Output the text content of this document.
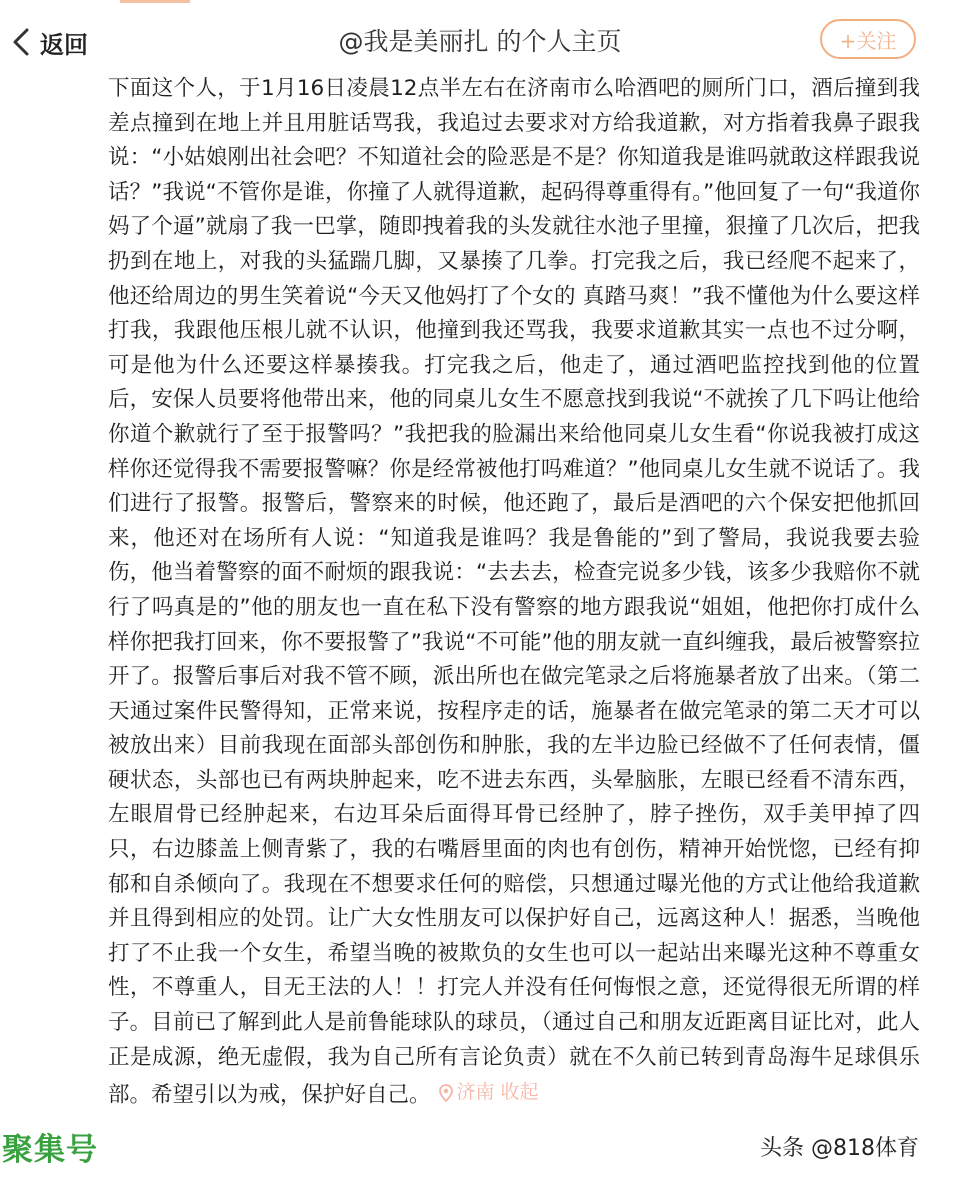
返回	@我是美丽扎 的个人主页	+关注
下面这个人，于1月16日凌晨12点半左右在济南市么哈酒吧的厕所门口，酒后撞到我差点撞到在地上并且用脏话骂我，我追过去要求对方给我道歉，对方指着我鼻子跟我说：“小姑娘刚出社会吧？不知道社会的险恶是不是？你知道我是谁吗就敢这样跟我说话？”我说“不管你是谁，你撞了人就得道歉，起码得尊重得有。”他回复了一句“我道你妈了个逼”就扇了我一巴掌，随即拽着我的头发就往水池子里撞，狠撞了几次后，把我扔到在地上，对我的头猛踹几脚，又暴揍了几拳。打完我之后，我已经爬不起来了，他还给周边的男生笑着说“今天又他妈打了个女的 真踏马爽！”我不懂他为什么要这样打我，我跟他压根儿就不认识，他撞到我还骂我，我要求道歉其实一点也不过分啊，可是他为什么还要这样暴揍我。打完我之后，他走了，通过酒吧监控找到他的位置后，安保人员要将他带出来，他的同桌儿女生不愿意找到我说“不就挨了几下吗让他给你道个歉就行了至于报警吗？”我把我的脸漏出来给他同桌儿女生看“你说我被打成这样你还觉得我不需要报警嘛？你是经常被他打吗难道？”他同桌儿女生就不说话了。我们进行了报警。报警后，警察来的时候，他还跑了，最后是酒吧的六个保安把他抓回来，他还对在场所有人说：“知道我是谁吗？我是鲁能的”到了警局，我说我要去验伤，他当着警察的面不耐烦的跟我说：“去去去，检查完说多少钱，该多少我赔你不就行了吗真是的”他的朋友也一直在私下没有警察的地方跟我说“姐姐，他把你打成什么样你把我打回来，你不要报警了”我说“不可能”他的朋友就一直纠缠我，最后被警察拉开了。报警后事后对我不管不顾，派出所也在做完笔录之后将施暴者放了出来。（第二天通过案件民警得知，正常来说，按程序走的话，施暴者在做完笔录的第二天才可以被放出来）目前我现在面部头部创伤和肿胀，我的左半边脸已经做不了任何表情，僵硬状态，头部也已有两块肿起来，吃不进去东西，头晕脑胀，左眼已经看不清东西，左眼眉骨已经肿起来，右边耳朵后面得耳骨已经肿了，脖子挫伤，双手美甲掉了四只，右边膝盖上侧青紫了，我的右嘴唇里面的肉也有创伤，精神开始恍惚，已经有抑郁和自杀倾向了。我现在不想要求任何的赔偿，只想通过曝光他的方式让他给我道歉并且得到相应的处罚。让广大女性朋友可以保护好自己，远离这种人！据悉，当晚他打了不止我一个女生，希望当晚的被欺负的女生也可以一起站出来曝光这种不尊重女性，不尊重人，目无王法的人！！打完人并没有任何悔恨之意，还觉得很无所谓的样子。目前已了解到此人是前鲁能球队的球员，（通过自己和朋友近距离目证比对，此人正是成源，绝无虚假，我为自己所有言论负责）就在不久前已转到青岛海牛足球俱乐部。希望引以为戒，保护好自己。 济南 收起
聚集号	头条 @818体育
